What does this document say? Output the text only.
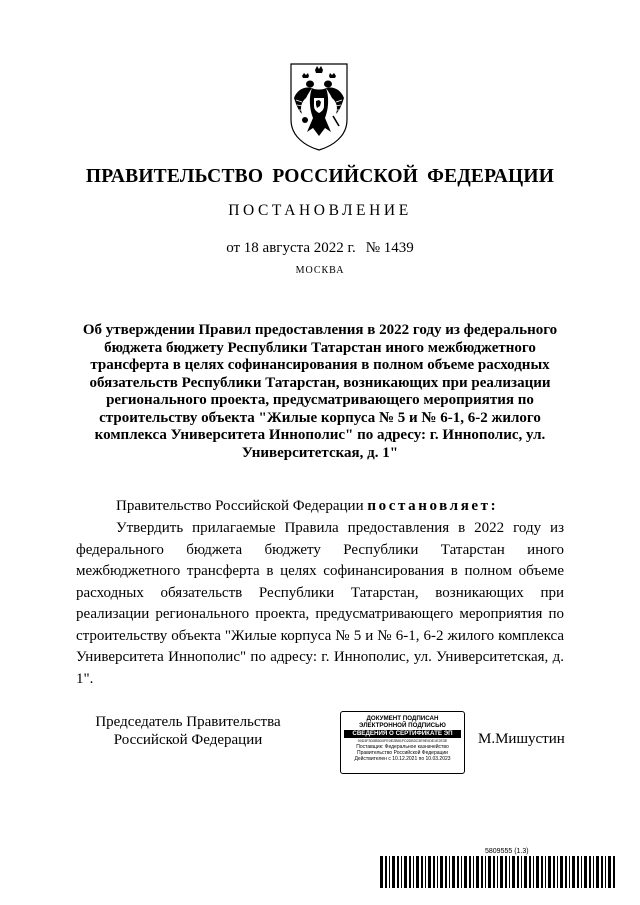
ПРАВИТЕЛЬСТВО РОССИЙСКОЙ ФЕДЕРАЦИИ
ПОСТАНОВЛЕНИЕ
от 18 августа 2022 г. № 1439
МОСКВА
Об утверждении Правил предоставления в 2022 году из федерального бюджета бюджету Республики Татарстан иного межбюджетного трансферта в целях софинансирования в полном объеме расходных обязательств Республики Татарстан, возникающих при реализации регионального проекта, предусматривающего мероприятия по строительству объекта "Жилые корпуса № 5 и № 6-1, 6-2 жилого комплекса Университета Иннополис" по адресу: г. Иннополис, ул. Университетская, д. 1"
Правительство Российской Федерации постановляет:
Утвердить прилагаемые Правила предоставления в 2022 году из федерального бюджета бюджету Республики Татарстан иного межбюджетного трансферта в целях софинансирования в полном объеме расходных обязательств Республики Татарстан, возникающих при реализации регионального проекта, предусматривающего мероприятия по строительству объекта "Жилые корпуса № 5 и № 6-1, 6-2 жилого комплекса Университета Иннополис" по адресу: г. Иннополис, ул. Университетская, д. 1".
Председатель Правительства
Российской Федерации
ДОКУМЕНТ ПОДПИСАН
ЭЛЕКТРОННОЙ ПОДПИСЬЮ
СВЕДЕНИЯ О СЕРТИФИКАТЕ ЭП
00D3F3D5B5D0FE0E2BB1FD2DB3C3E9E0DE1E2E3E
Поставщик: Федеральное казначейство
Правительство Российской Федерации
Действителен с 10.12.2021 по 10.03.2023
М.Мишустин
5809555 (1.3)
